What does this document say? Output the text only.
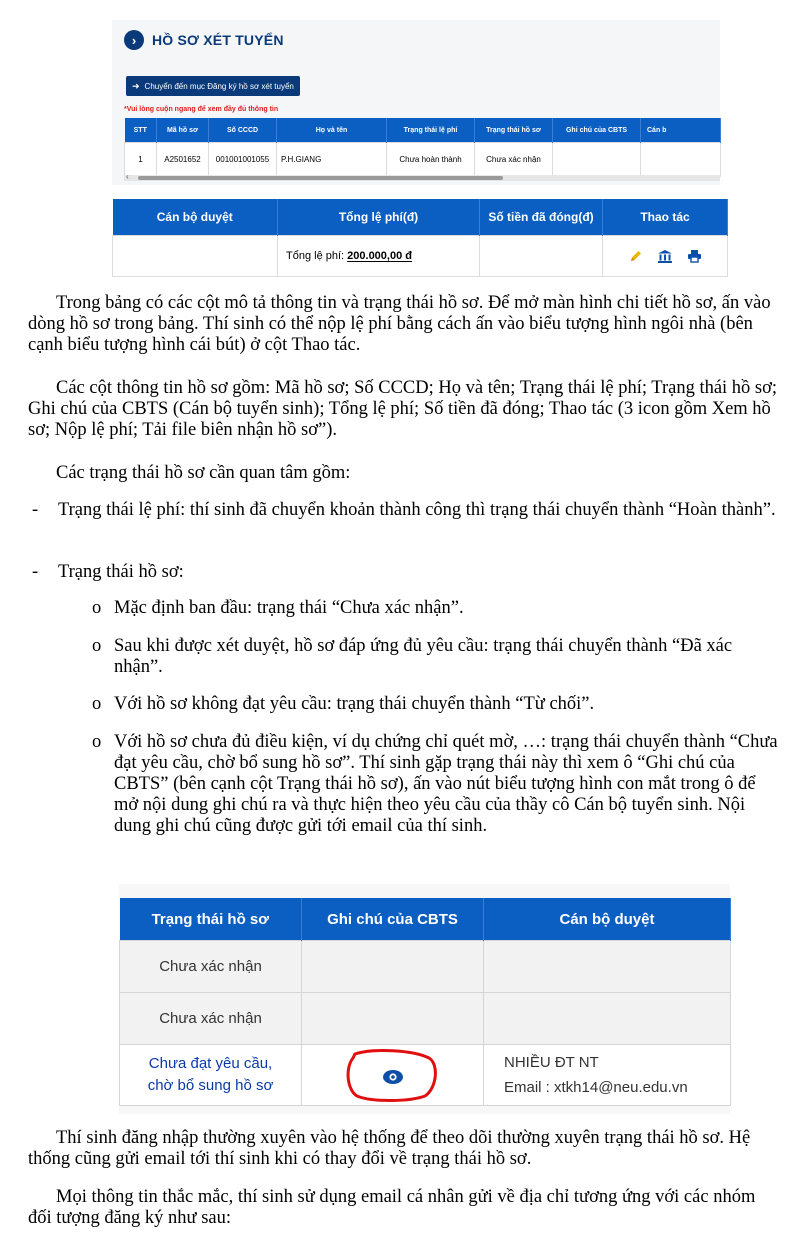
›	HỒ SƠ XÉT TUYỂN
➜ Chuyển đến mục Đăng ký hồ sơ xét tuyển
*Vui lòng cuộn ngang để xem đầy đủ thông tin
STT	Mã hồ sơ	Số CCCD	Họ và tên	Trạng thái lệ phí	Trạng thái hồ sơ	Ghi chú của CBTS	Cán b
1	A2501652	001001001055	P.H.GIANG	Chưa hoàn thành	Chưa xác nhận		
‹
Cán bộ duyệt	Tổng lệ phí(đ)	Số tiền đã đóng(đ)	Thao tác
	Tổng lệ phí: 200.000,00 đ		
Trong bảng có các cột mô tả thông tin và trạng thái hồ sơ. Để mở màn hình chi tiết hồ sơ, ấn vào dòng hồ sơ trong bảng. Thí sinh có thể nộp lệ phí bằng cách ấn vào biểu tượng hình ngôi nhà (bên cạnh biểu tượng hình cái bút) ở cột Thao tác.
Các cột thông tin hồ sơ gồm: Mã hồ sơ; Số CCCD; Họ và tên; Trạng thái lệ phí; Trạng thái hồ sơ; Ghi chú của CBTS (Cán bộ tuyển sinh); Tổng lệ phí; Số tiền đã đóng; Thao tác (3 icon gồm Xem hồ sơ; Nộp lệ phí; Tải file biên nhận hồ sơ”).
Các trạng thái hồ sơ cần quan tâm gồm:
-	Trạng thái lệ phí: thí sinh đã chuyển khoản thành công thì trạng thái chuyển thành “Hoàn thành”.
-	Trạng thái hồ sơ:
o Mặc định ban đầu: trạng thái “Chưa xác nhận”.
o Sau khi được xét duyệt, hồ sơ đáp ứng đủ yêu cầu: trạng thái chuyển thành “Đã xác nhận”.
o Với hồ sơ không đạt yêu cầu: trạng thái chuyển thành “Từ chối”.
o Với hồ sơ chưa đủ điều kiện, ví dụ chứng chỉ quét mờ, …: trạng thái chuyển thành “Chưa đạt yêu cầu, chờ bổ sung hồ sơ”. Thí sinh gặp trạng thái này thì xem ô “Ghi chú của CBTS” (bên cạnh cột Trạng thái hồ sơ), ấn vào nút biểu tượng hình con mắt trong ô để mở nội dung ghi chú ra và thực hiện theo yêu cầu của thầy cô Cán bộ tuyển sinh. Nội dung ghi chú cũng được gửi tới email của thí sinh.
Trạng thái hồ sơ	Ghi chú của CBTS	Cán bộ duyệt
Chưa xác nhận		
Chưa xác nhận		
Chưa đạt yêu cầu,
chờ bổ sung hồ sơ		NHIỀU ĐT NT
Email : xtkh14@neu.edu.vn
Thí sinh đăng nhập thường xuyên vào hệ thống để theo dõi thường xuyên trạng thái hồ sơ. Hệ thống cũng gửi email tới thí sinh khi có thay đổi về trạng thái hồ sơ.
Mọi thông tin thắc mắc, thí sinh sử dụng email cá nhân gửi về địa chỉ tương ứng với các nhóm đối tượng đăng ký như sau:
